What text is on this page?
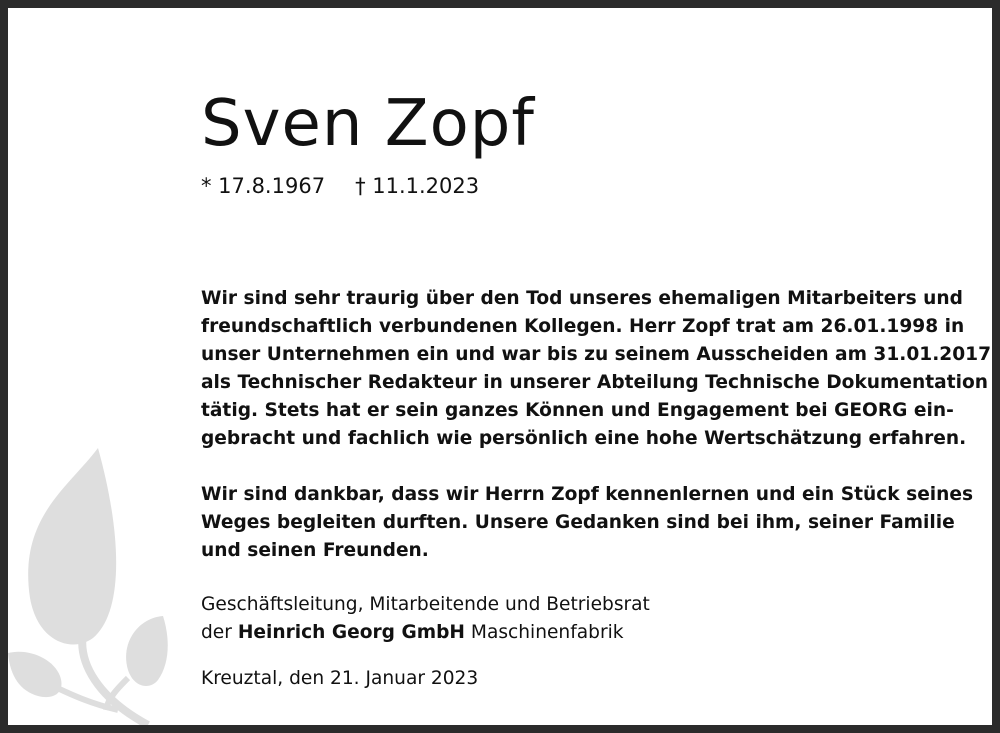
Sven Zopf
* 17.8.1967 † 11.1.2023
Wir sind sehr traurig über den Tod unseres ehemaligen Mitarbeiters und
freundschaftlich verbundenen Kollegen. Herr Zopf trat am 26.01.1998 in
unser Unternehmen ein und war bis zu seinem Ausscheiden am 31.01.2017
als Technischer Redakteur in unserer Abteilung Technische Dokumentation
tätig. Stets hat er sein ganzes Können und Engagement bei GEORG ein-
gebracht und fachlich wie persönlich eine hohe Wertschätzung erfahren.
Wir sind dankbar, dass wir Herrn Zopf kennenlernen und ein Stück seines
Weges begleiten durften. Unsere Gedanken sind bei ihm, seiner Familie
und seinen Freunden.
Geschäftsleitung, Mitarbeitende und Betriebsrat
der Heinrich Georg GmbH Maschinenfabrik
Kreuztal, den 21. Januar 2023
